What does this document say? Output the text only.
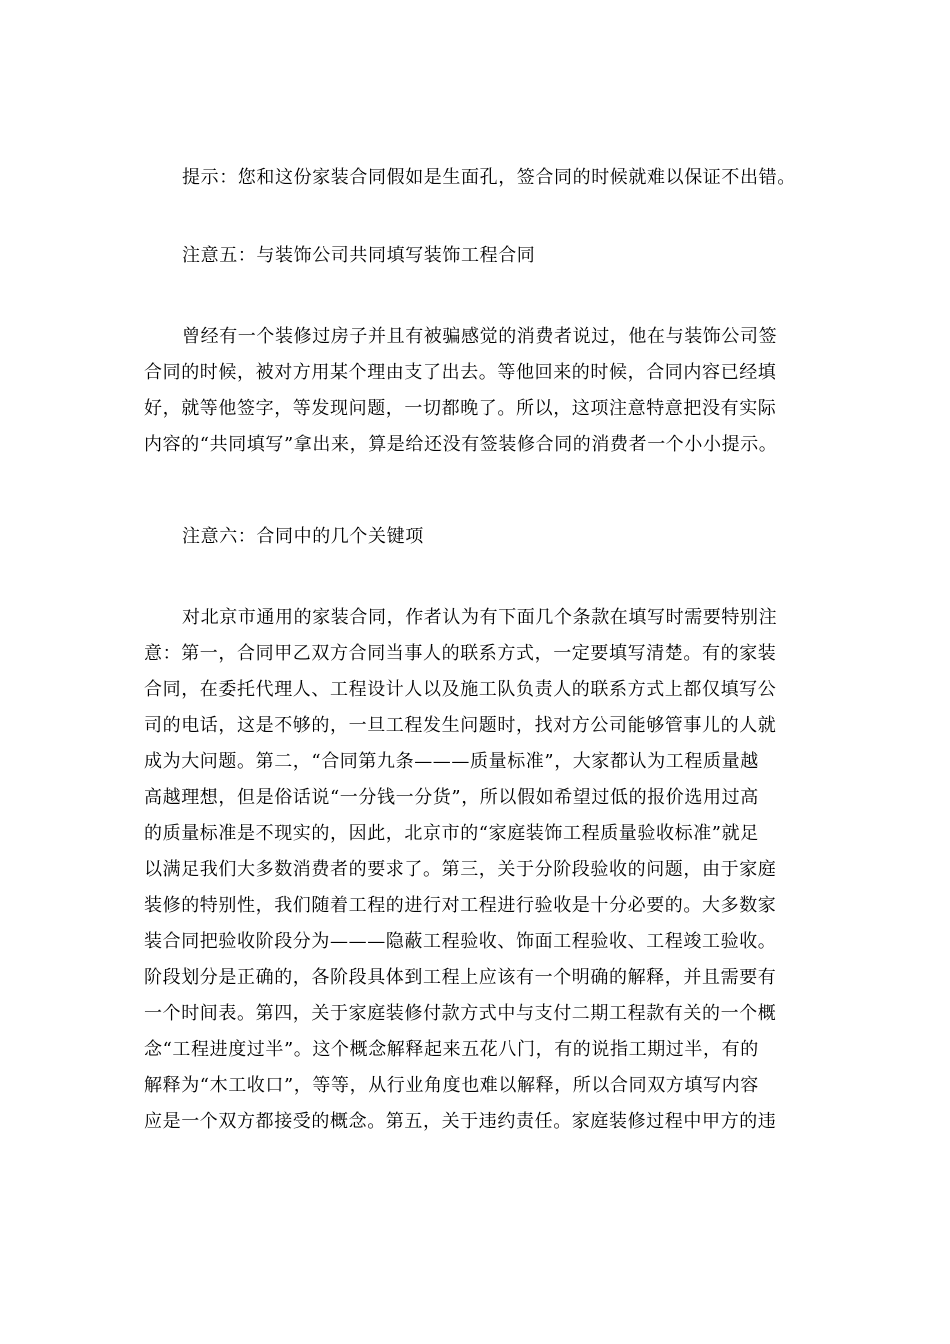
提示：您和这份家装合同假如是生面孔，签合同的时候就难以保证不出错。

注意五：与装饰公司共同填写装饰工程合同

曾经有一个装修过房子并且有被骗感觉的消费者说过，他在与装饰公司签
合同的时候，被对方用某个理由支了出去。等他回来的时候，合同内容已经填
好，就等他签字，等发现问题，一切都晚了。所以，这项注意特意把没有实际
内容的“共同填写”拿出来，算是给还没有签装修合同的消费者一个小小提示。

注意六：合同中的几个关键项

对北京市通用的家装合同，作者认为有下面几个条款在填写时需要特别注
意：第一，合同甲乙双方合同当事人的联系方式，一定要填写清楚。有的家装
合同，在委托代理人、工程设计人以及施工队负责人的联系方式上都仅填写公
司的电话，这是不够的，一旦工程发生问题时，找对方公司能够管事儿的人就
成为大问题。第二，“合同第九条———质量标准”，大家都认为工程质量越
高越理想，但是俗话说“一分钱一分货”，所以假如希望过低的报价选用过高
的质量标准是不现实的，因此，北京市的“家庭装饰工程质量验收标准”就足
以满足我们大多数消费者的要求了。第三，关于分阶段验收的问题，由于家庭
装修的特别性，我们随着工程的进行对工程进行验收是十分必要的。大多数家
装合同把验收阶段分为———隐蔽工程验收、饰面工程验收、工程竣工验收。
阶段划分是正确的，各阶段具体到工程上应该有一个明确的解释，并且需要有
一个时间表。第四，关于家庭装修付款方式中与支付二期工程款有关的一个概
念“工程进度过半”。这个概念解释起来五花八门，有的说指工期过半，有的
解释为“木工收口”，等等，从行业角度也难以解释，所以合同双方填写内容
应是一个双方都接受的概念。第五，关于违约责任。家庭装修过程中甲方的违
